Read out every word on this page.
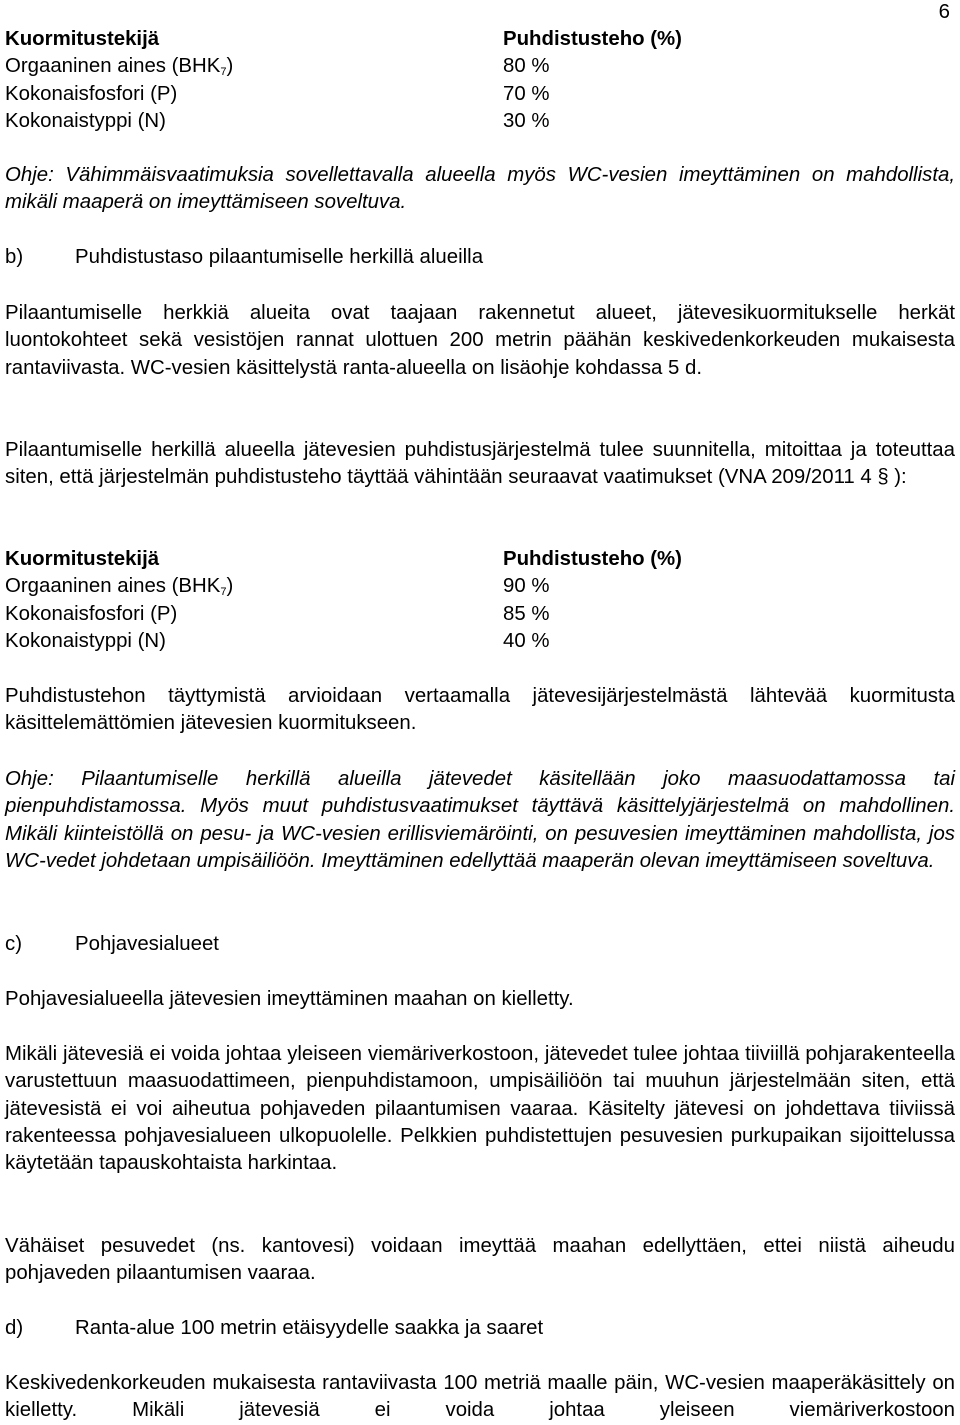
6
Kuormitustekijä	Puhdistusteho (%)
Orgaaninen aines $(BHK_7)$	80 %
Kokonaisfosfori (P)	70 %
Kokonaistyppi (N)	30 %

Ohje: Vähimmäisvaatimuksia sovellettavalla alueella myös WC-vesien imeyttäminen on mahdollista, mikäli maaperä on imeyttämiseen soveltuva.

b)	Puhdistustaso pilaantumiselle herkillä alueilla

Pilaantumiselle herkkiä alueita ovat taajaan rakennetut alueet, jätevesikuormitukselle herkät luontokohteet sekä vesistöjen rannat ulottuen 200 metrin päähän keskivedenkorkeuden mukaisesta rantaviivasta. WC-vesien käsittelystä ranta-alueella on lisäohje kohdassa 5 d.

Pilaantumiselle herkillä alueella jätevesien puhdistusjärjestelmä tulee suunnitella, mitoittaa ja toteuttaa siten, että järjestelmän puhdistusteho täyttää vähintään seuraavat vaatimukset (VNA 209/2011 4 § ):

Kuormitustekijä	Puhdistusteho (%)
Orgaaninen aines $(BHK_7)$	90 %
Kokonaisfosfori (P)	85 %
Kokonaistyppi (N)	40 %

Puhdistustehon täyttymistä arvioidaan vertaamalla jätevesijärjestelmästä lähtevää kuormitusta käsittelemättömien jätevesien kuormitukseen.

Ohje: Pilaantumiselle herkillä alueilla jätevedet käsitellään joko maasuodattamossa tai pienpuhdistamossa. Myös muut puhdistusvaatimukset täyttävä käsittelyjärjestelmä on mahdollinen. Mikäli kiinteistöllä on pesu- ja WC-vesien erillisviemäröinti, on pesuvesien imeyttäminen mahdollista, jos WC-vedet johdetaan umpisäiliöön. Imeyttäminen edellyttää maaperän olevan imeyttämiseen soveltuva.

c)	Pohjavesialueet

Pohjavesialueella jätevesien imeyttäminen maahan on kielletty.

Mikäli jätevesiä ei voida johtaa yleiseen viemäriverkostoon, jätevedet tulee johtaa tiiviillä pohjarakenteella varustettuun maasuodattimeen, pienpuhdistamoon, umpisäiliöön tai muuhun järjestelmään siten, että jätevesistä ei voi aiheutua pohjaveden pilaantumisen vaaraa. Käsitelty jätevesi on johdettava tiiviissä rakenteessa pohjavesialueen ulkopuolelle. Pelkkien puhdistettujen pesuvesien purkupaikan sijoittelussa käytetään tapauskohtaista harkintaa.

Vähäiset pesuvedet (ns. kantovesi) voidaan imeyttää maahan edellyttäen, ettei niistä aiheudu pohjaveden pilaantumisen vaaraa.

d)	Ranta-alue 100 metrin etäisyydelle saakka ja saaret

Keskivedenkorkeuden mukaisesta rantaviivasta 100 metriä maalle päin, WC-vesien maaperäkäsittely on kielletty. Mikäli jätevesiä ei voida johtaa yleiseen viemäriverkostoon
